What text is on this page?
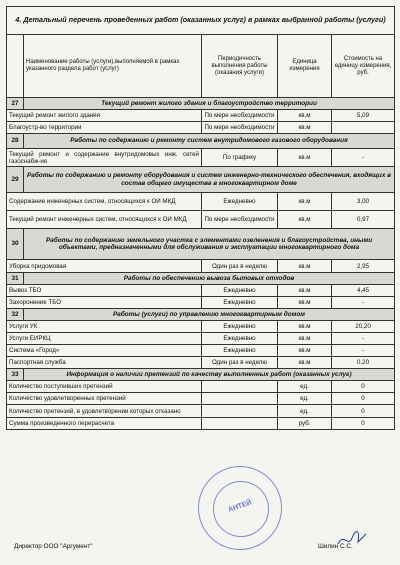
4. Детальный перечень проведенных работ (оказанных услуг) в рамках выбранной работы (услуги)				
	Наименование работы (услуги),выполняемой в рамках указанного раздела работ (услуг)	Периодичность выполнения работы (оказания услуги)	Единица измерения	Стоимость на единицу измерения, руб.
27	Текущий ремонт жилого здания и благоустройство территории			
Текущий ремонт жилого здания		По мере необходимости	кв.м	5,09
Благоустр-во территории		По мере необходимости	кв.м	
28	Работы по содержанию и ремонту систем внутридомового газового оборудования			
Текущий ремонт и содержание внутридомовых инж. сетей газоснабж-ия		По графику	кв.м	-
29	Работы по содержанию и ремонту оборудования и систем инженерно-технического обеспечения, входящих в состав общего имущества в многоквартирном доме			
Содержание инженерных систем, относящихся к ОИ МКД		Ежедневно	кв.м	3,00
Текущий ремонт инженерных систем, относящихся к ОИ МКД		По мере необходимости	кв.м	0,97
30	Работы по содержанию земельного участка с элементами озеленения и благоустройства, иными объектами, предназначенными для обслуживания и эксплуатации многоквартирного дома			
Уборка придомовая		Один раз в неделю	кв.м	2,95
31	Работы по обеспечению вывоза бытовых отходов			
Вывоз ТБО		Ежедневно	кв.м	4,45
Захоронение ТБО		Ежедневно	кв.м	-
32	Работы (услуги) по управлению многоквартирным домом			
Услуги УК		Ежедневно	кв.м	20,20
Услуги ЕИРКЦ		Ежедневно	кв.м	-
Система «Город»		Ежедневно	кв.м	-
Паспортная служба		Один раз в неделю	кв.м	0,20
33	Информация о наличии претензий по качеству выполненных работ (оказанных услуг)			
Количество поступивших претензий			ед.	0
Количество удовлетворенных претензий			ед.	0
Количество претензий, в удовлетворении которых отказано			ед.	0
Сумма произведенного перерасчета			руб.	0
АНТЕЙ
Директор ООО "Аргумент"	Шилин С.С.
